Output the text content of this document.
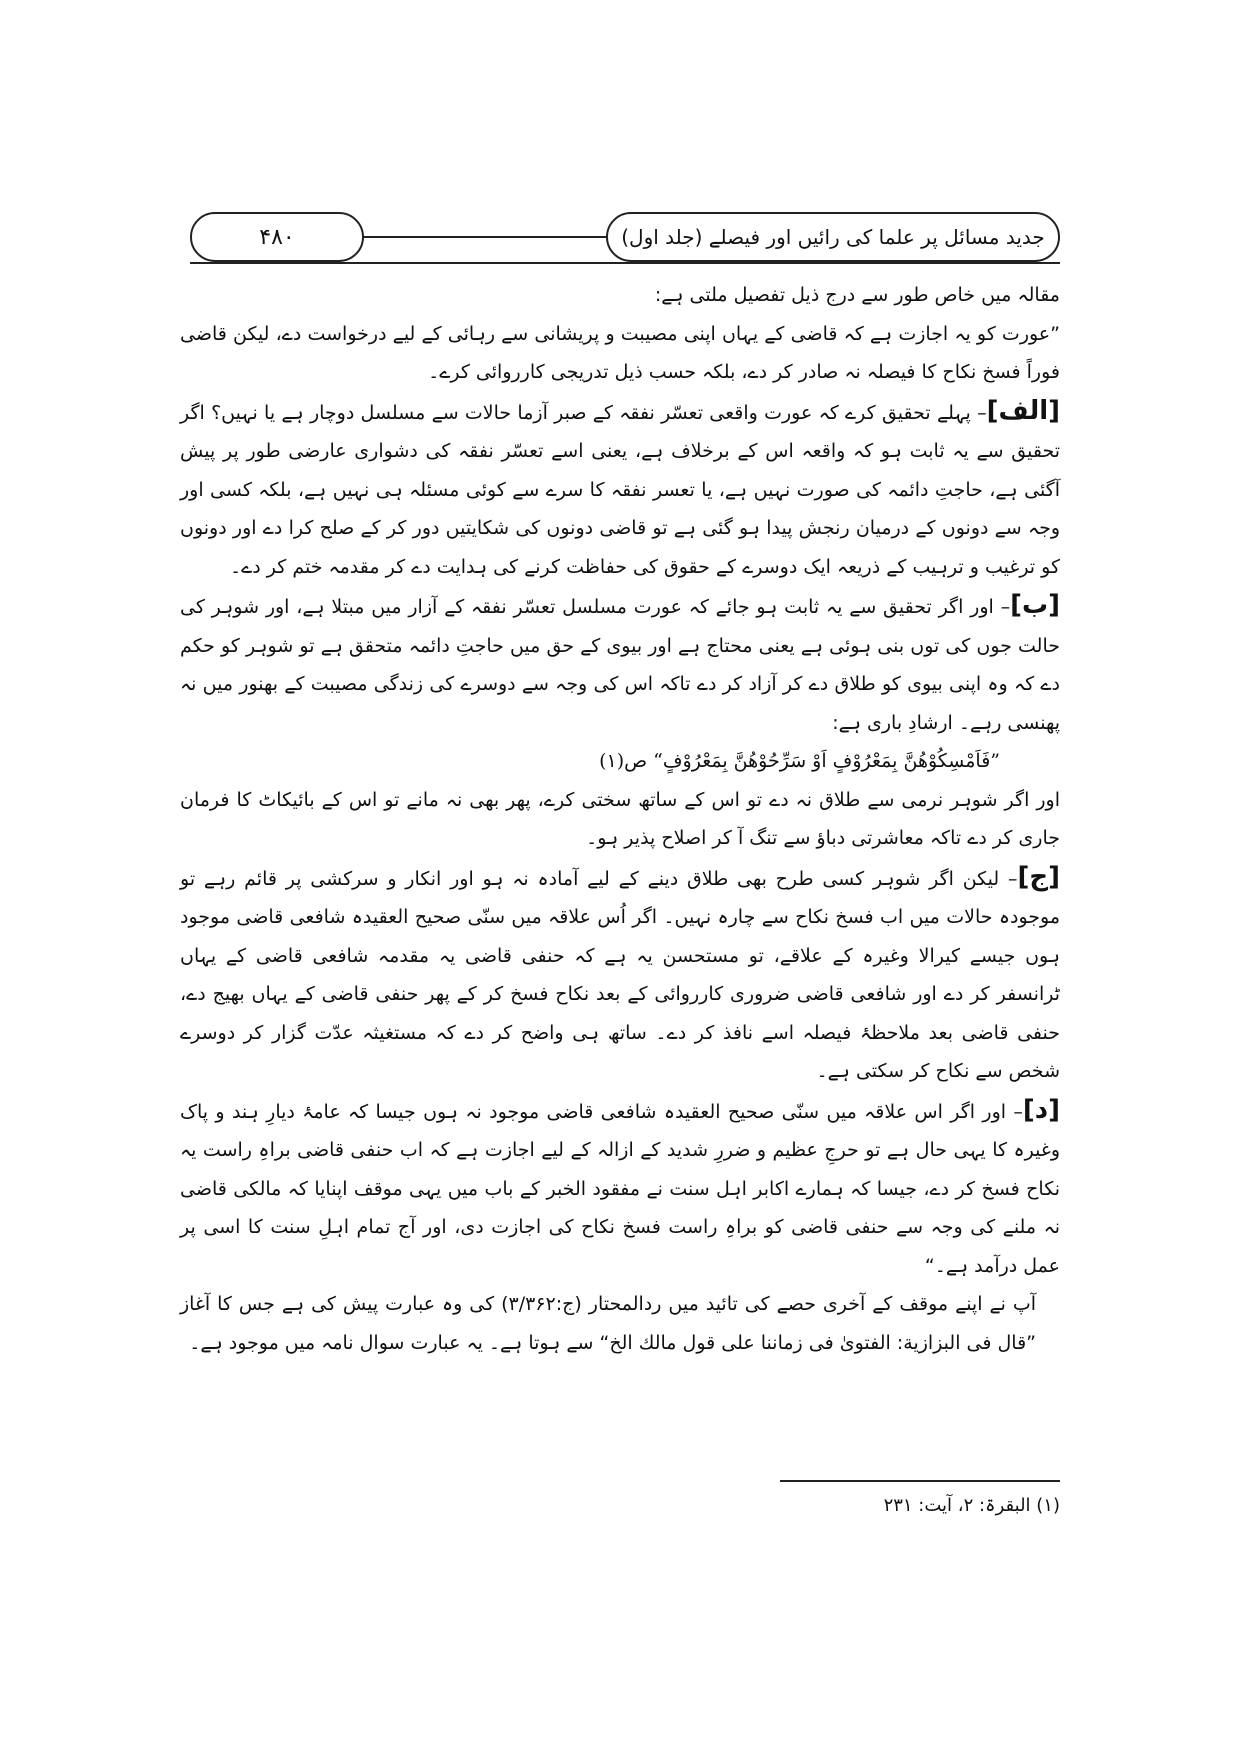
۴۸۰	جدید مسائل پر علما کی رائیں اور فیصلے (جلد اول)

مقالہ میں خاص طور سے درج ذیل تفصیل ملتی ہے:

”عورت کو یہ اجازت ہے کہ قاضی کے یہاں اپنی مصیبت و پریشانی سے رہائی کے لیے درخواست دے، لیکن قاضی فوراً فسخ نکاح کا فیصلہ نہ صادر کر دے، بلکہ حسب ذیل تدریجی کارروائی کرے۔

[الف]– پہلے تحقیق کرے کہ عورت واقعی تعسّر نفقہ کے صبر آزما حالات سے مسلسل دوچار ہے یا نہیں؟ اگر تحقیق سے یہ ثابت ہو کہ واقعہ اس کے برخلاف ہے، یعنی اسے تعسّر نفقہ کی دشواری عارضی طور پر پیش آگئی ہے، حاجتِ دائمہ کی صورت نہیں ہے، یا تعسر نفقہ کا سرے سے کوئی مسئلہ ہی نہیں ہے، بلکہ کسی اور وجہ سے دونوں کے درمیان رنجش پیدا ہو گئی ہے تو قاضی دونوں کی شکایتیں دور کر کے صلح کرا دے اور دونوں کو ترغیب و ترہیب کے ذریعہ ایک دوسرے کے حقوق کی حفاظت کرنے کی ہدایت دے کر مقدمہ ختم کر دے۔

[ب]– اور اگر تحقیق سے یہ ثابت ہو جائے کہ عورت مسلسل تعسّر نفقہ کے آزار میں مبتلا ہے، اور شوہر کی حالت جوں کی توں بنی ہوئی ہے یعنی محتاج ہے اور بیوی کے حق میں حاجتِ دائمہ متحقق ہے تو شوہر کو حکم دے کہ وہ اپنی بیوی کو طلاق دے کر آزاد کر دے تاکہ اس کی وجہ سے دوسرے کی زندگی مصیبت کے بھنور میں نہ پھنسی رہے۔ ارشادِ باری ہے:

”فَاَمْسِكُوْهُنَّ بِمَعْرُوْفٍ اَوْ سَرِّحُوْهُنَّ بِمَعْرُوْفٍ“ ص(۱)

اور اگر شوہر نرمی سے طلاق نہ دے تو اس کے ساتھ سختی کرے، پھر بھی نہ مانے تو اس کے بائیکاٹ کا فرمان جاری کر دے تاکہ معاشرتی دباؤ سے تنگ آ کر اصلاح پذیر ہو۔

[ج]– لیکن اگر شوہر کسی طرح بھی طلاق دینے کے لیے آمادہ نہ ہو اور انکار و سرکشی پر قائم رہے تو موجودہ حالات میں اب فسخ نکاح سے چارہ نہیں۔ اگر اُس علاقہ میں سنّی صحیح العقیدہ شافعی قاضی موجود ہوں جیسے کیرالا وغیرہ کے علاقے، تو مستحسن یہ ہے کہ حنفی قاضی یہ مقدمہ شافعی قاضی کے یہاں ٹرانسفر کر دے اور شافعی قاضی ضروری کارروائی کے بعد نکاح فسخ کر کے پھر حنفی قاضی کے یہاں بھیج دے، حنفی قاضی بعد ملاحظۂ فیصلہ اسے نافذ کر دے۔ ساتھ ہی واضح کر دے کہ مستغیثہ عدّت گزار کر دوسرے شخص سے نکاح کر سکتی ہے۔

[د]– اور اگر اس علاقہ میں سنّی صحیح العقیدہ شافعی قاضی موجود نہ ہوں جیسا کہ عامۂ دیارِ ہند و پاک وغیرہ کا یہی حال ہے تو حرجِ عظیم و ضررِ شدید کے ازالہ کے لیے اجازت ہے کہ اب حنفی قاضی براہِ راست یہ نکاح فسخ کر دے، جیسا کہ ہمارے اکابر اہل سنت نے مفقود الخبر کے باب میں یہی موقف اپنایا کہ مالکی قاضی نہ ملنے کی وجہ سے حنفی قاضی کو براہِ راست فسخ نکاح کی اجازت دی، اور آج تمام اہلِ سنت کا اسی پر عمل درآمد ہے۔“

آپ نے اپنے موقف کے آخری حصے کی تائید میں ردالمحتار (ج:۳/۳۶۲) کی وہ عبارت پیش کی ہے جس کا آغاز ”قال فی البزازیة: الفتویٰ فی زماننا علی قول مالك الخ“ سے ہوتا ہے۔ یہ عبارت سوال نامہ میں موجود ہے۔

(۱) البقرۃ: ۲، آیت: ۲۳۱
